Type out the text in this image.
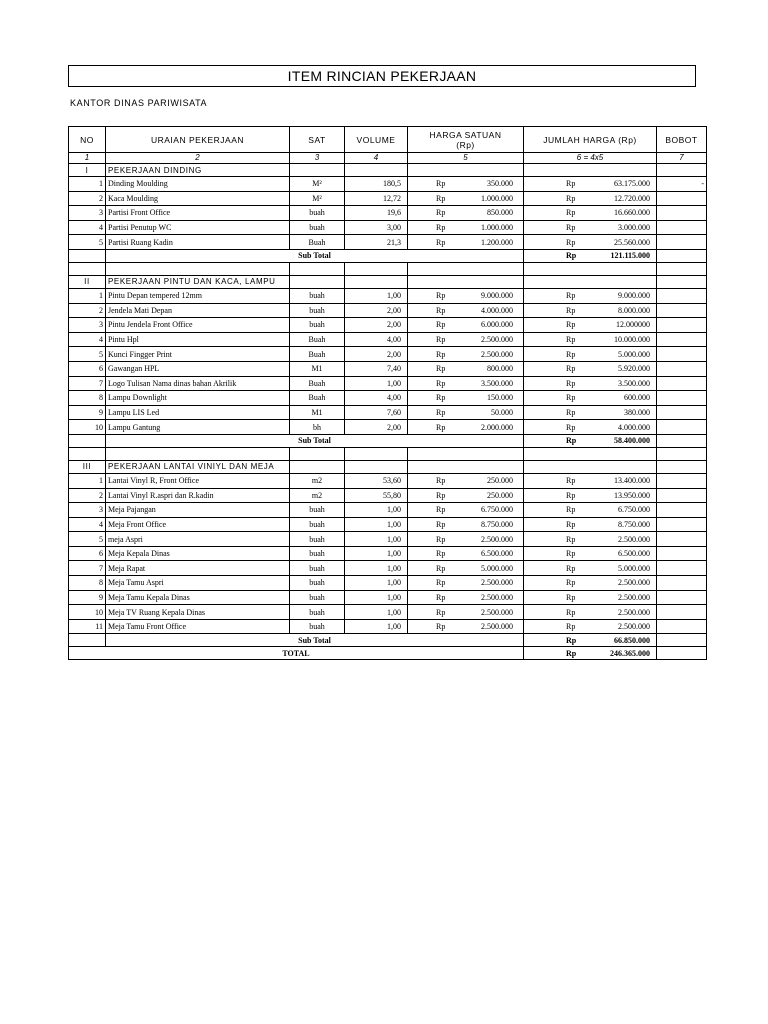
ITEM RINCIAN PEKERJAAN
KANTOR DINAS PARIWISATA
NO	URAIAN PEKERJAAN	SAT	VOLUME	HARGA SATUAN
(Rp)	JUMLAH HARGA (Rp)	BOBOT
1	2	3	4	5	6 = 4x5	7
I	PEKERJAAN DINDING					
1	Dinding Moulding	M²	180,5	Rp 350.000	Rp 63.175.000	-
2	Kaca Moulding	M²	12,72	Rp 1.000.000	Rp 12.720.000	

3	Partisi Front Office	buah	19,6	Rp 850.000	Rp 16.660.000	

4	Partisi Penutup WC	buah	3,00	Rp 1.000.000	Rp 3.000.000	

5	Partisi Ruang Kadin	Buah	21,3	Rp 1.200.000	Rp 25.560.000	

	Sub Total				Rp 121.115.000	

II	PEKERJAAN PINTU DAN KACA, LAMPU					
1	Pintu Depan tempered 12mm	buah	1,00	Rp 9.000.000	Rp 9.000.000	

2	Jendela Mati Depan	buah	2,00	Rp 4.000.000	Rp 8.000.000	

3	Pintu Jendela Front Office	buah	2,00	Rp 6.000.000	Rp 12.000000	

4	Pintu Hpl	Buah	4,00	Rp 2.500.000	Rp 10.000.000	

5	Kunci Fingger Print	Buah	2,00	Rp 2.500.000	Rp 5.000.000	

6	Gawangan HPL	M1	7,40	Rp 800.000	Rp 5.920.000	

7	Logo Tulisan Nama dinas bahan Akrilik	Buah	1,00	Rp 3.500.000	Rp 3.500.000	

8	Lampu Downlight	Buah	4,00	Rp 150.000	Rp 600.000	

9	Lampu LIS Led	M1	7,60	Rp 50.000	Rp 380.000	

10	Lampu Gantung	bh	2,00	Rp 2.000.000	Rp 4.000.000	

	Sub Total				Rp 58.400.000	

III	PEKERJAAN LANTAI VINIYL DAN MEJA					
1	Lantai Vinyl R, Front Office	m2	53,60	Rp 250.000	Rp 13.400.000	

2	Lantai Vinyl R.aspri dan R.kadin	m2	55,80	Rp 250.000	Rp 13.950.000	

3	Meja Pajangan	buah	1,00	Rp 6.750.000	Rp 6.750.000	

4	Meja Front Office	buah	1,00	Rp 8.750.000	Rp 8.750.000	

5	meja Aspri	buah	1,00	Rp 2.500.000	Rp 2.500.000	

6	Meja Kepala Dinas	buah	1,00	Rp 6.500.000	Rp 6.500.000	

7	Meja Rapat	buah	1,00	Rp 5.000.000	Rp 5.000.000	

8	Meja Tamu Aspri	buah	1,00	Rp 2.500.000	Rp 2.500.000	

9	Meja Tamu Kepala Dinas	buah	1,00	Rp 2.500.000	Rp 2.500.000	

10	Meja TV Ruang Kepala Dinas	buah	1,00	Rp 2.500.000	Rp 2.500.000	

11	Meja Tamu Front Office	buah	1,00	Rp 2.500.000	Rp 2.500.000	

	Sub Total				Rp 66.850.000	

TOTAL					Rp 246.365.000	
